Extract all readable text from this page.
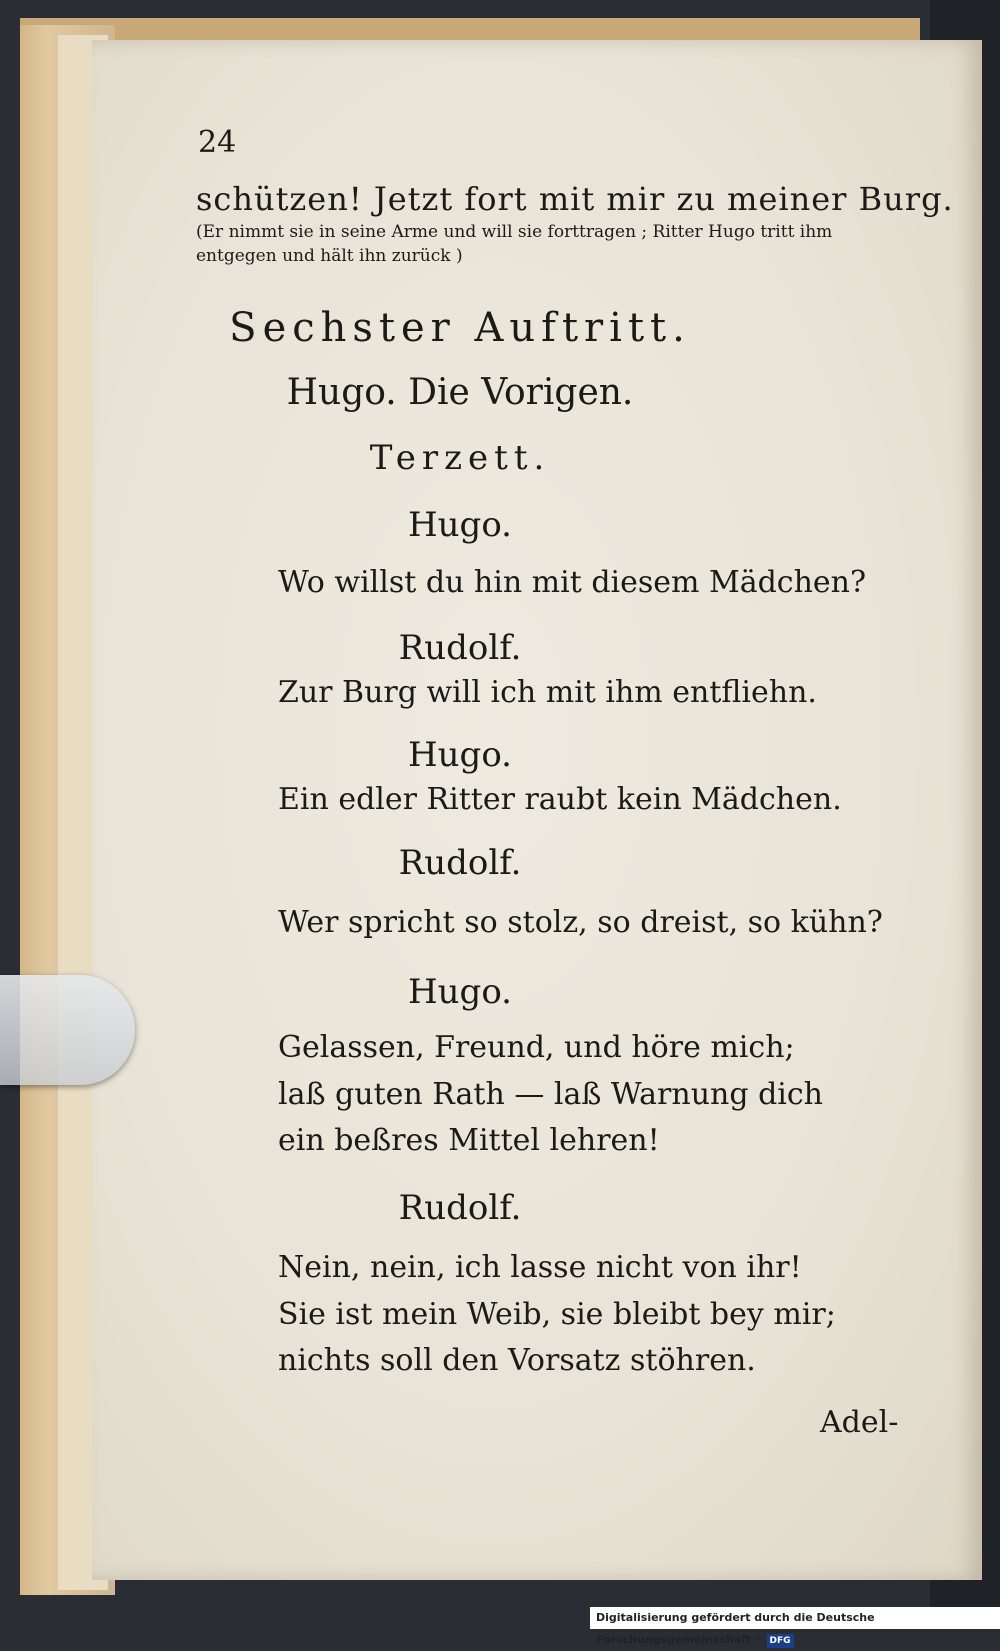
24
schützen! Jetzt fort mit mir zu meiner Burg.
(Er nimmt sie in seine Arme und will sie forttragen ; Ritter Hugo tritt ihm
entgegen und hält ihn zurück )
Sechster Auftritt.
Hugo. Die Vorigen.
Terzett.
Hugo.
Wo willst du hin mit diesem Mädchen?
Rudolf.
Zur Burg will ich mit ihm entfliehn.
Hugo.
Ein edler Ritter raubt kein Mädchen.
Rudolf.
Wer spricht so stolz, so dreist, so kühn?
Hugo.
Gelassen, Freund, und höre mich;
laß guten Rath — laß Warnung dich
ein beßres Mittel lehren!
Rudolf.
Nein, nein, ich lasse nicht von ihr!
Sie ist mein Weib, sie bleibt bey mir;
nichts soll den Vorsatz stöhren.
Adel-
Digitalisierung gefördert durch die Deutsche Forschungsgemeinschaft - DFG
